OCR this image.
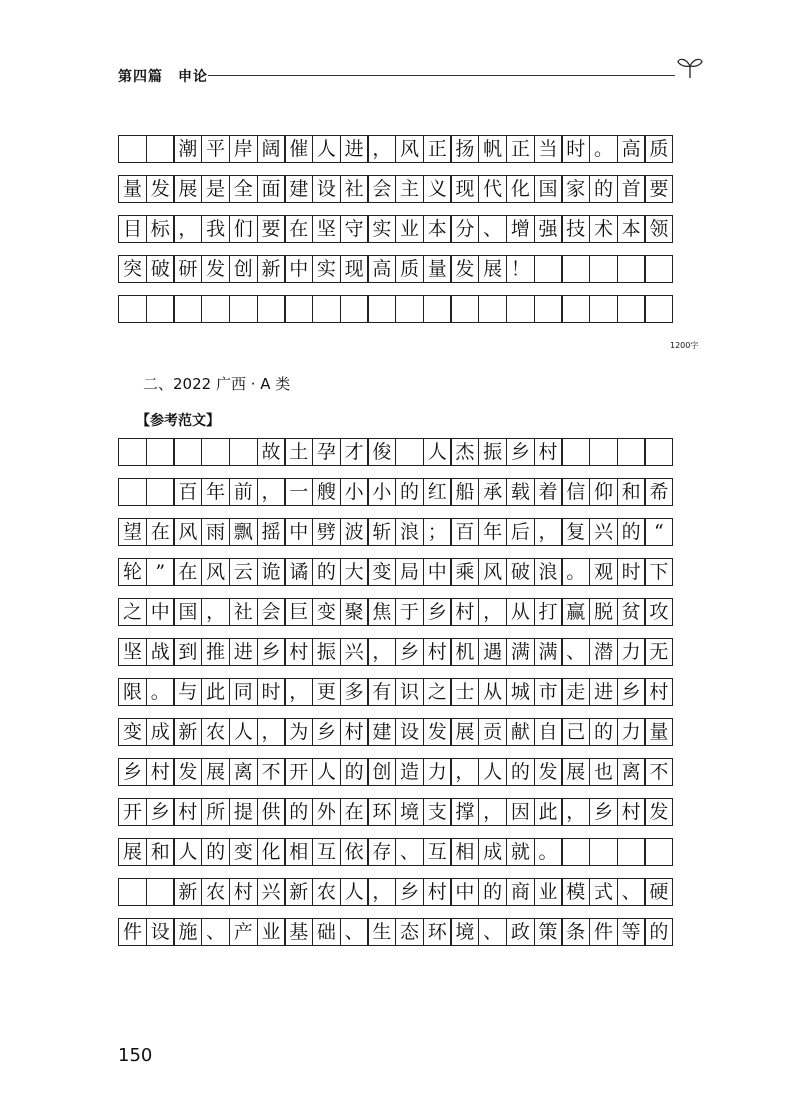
第四篇　申论
潮 平 岸 阔 催 人 进 ， 风 正 扬 帆 正 当 时 。 高 质
量 发 展 是 全 面 建 设 社 会 主 义 现 代 化 国 家 的 首 要
目 标 ， 我 们 要 在 坚 守 实 业 本 分 、 增 强 技 术 本 领
突 破 研 发 创 新 中 实 现 高 质 量 发 展 ！
1200字
二、2022 广西 · A 类
【参考范文】
故 土 孕 才 俊 人 杰 振 乡 村
百 年 前 ， 一 艘 小 小 的 红 船 承 载 着 信 仰 和 希
望 在 风 雨 飘 摇 中 劈 波 斩 浪 ； 百 年 后 ， 复 兴 的 “
轮 ” 在 风 云 诡 谲 的 大 变 局 中 乘 风 破 浪 。 观 时 下
之 中 国 ， 社 会 巨 变 聚 焦 于 乡 村 ， 从 打 赢 脱 贫 攻
坚 战 到 推 进 乡 村 振 兴 ， 乡 村 机 遇 满 满 、 潜 力 无
限 。 与 此 同 时 ， 更 多 有 识 之 士 从 城 市 走 进 乡 村
变 成 新 农 人 ， 为 乡 村 建 设 发 展 贡 献 自 己 的 力 量
乡 村 发 展 离 不 开 人 的 创 造 力 ， 人 的 发 展 也 离 不
开 乡 村 所 提 供 的 外 在 环 境 支 撑 ， 因 此 ， 乡 村 发
展 和 人 的 变 化 相 互 依 存 、 互 相 成 就 。
新 农 村 兴 新 农 人 ， 乡 村 中 的 商 业 模 式 、 硬
件 设 施 、 产 业 基 础 、 生 态 环 境 、 政 策 条 件 等 的
150
